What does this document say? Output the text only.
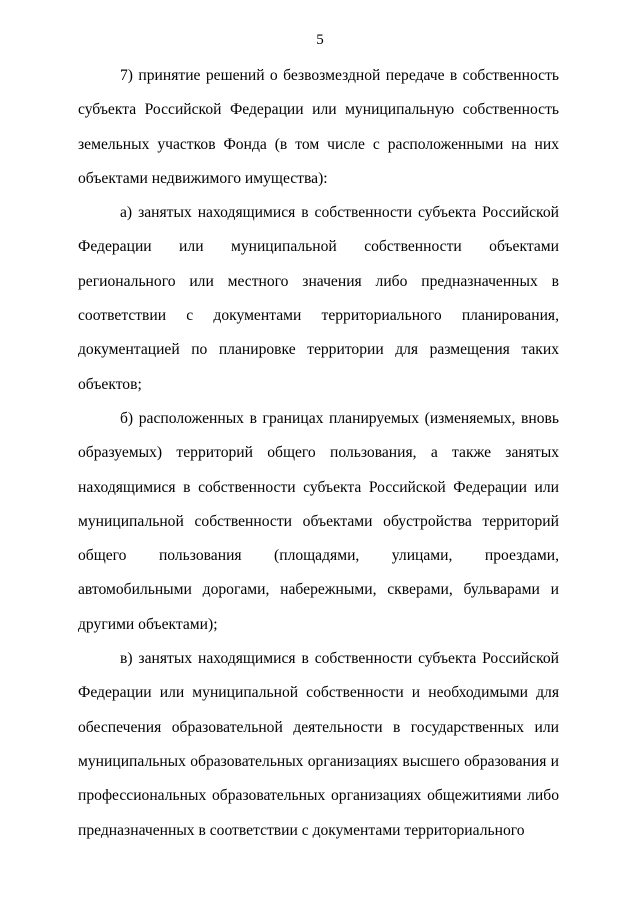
5

7) принятие решений о безвозмездной передаче в собственность субъекта Российской Федерации или муниципальную собственность земельных участков Фонда (в том числе с расположенными на них объектами недвижимого имущества):

а) занятых находящимися в собственности субъекта Российской Федерации или муниципальной собственности объектами регионального или местного значения либо предназначенных в соответствии с документами территориального планирования, документацией по планировке территории для размещения таких объектов;

б) расположенных в границах планируемых (изменяемых, вновь образуемых) территорий общего пользования, а также занятых находящимися в собственности субъекта Российской Федерации или муниципальной собственности объектами обустройства территорий общего пользования (площадями, улицами, проездами, автомобильными дорогами, набережными, скверами, бульварами и другими объектами);

в) занятых находящимися в собственности субъекта Российской Федерации или муниципальной собственности и необходимыми для обеспечения образовательной деятельности в государственных или муниципальных образовательных организациях высшего образования и профессиональных образовательных организациях общежитиями либо предназначенных в соответствии с документами территориального
